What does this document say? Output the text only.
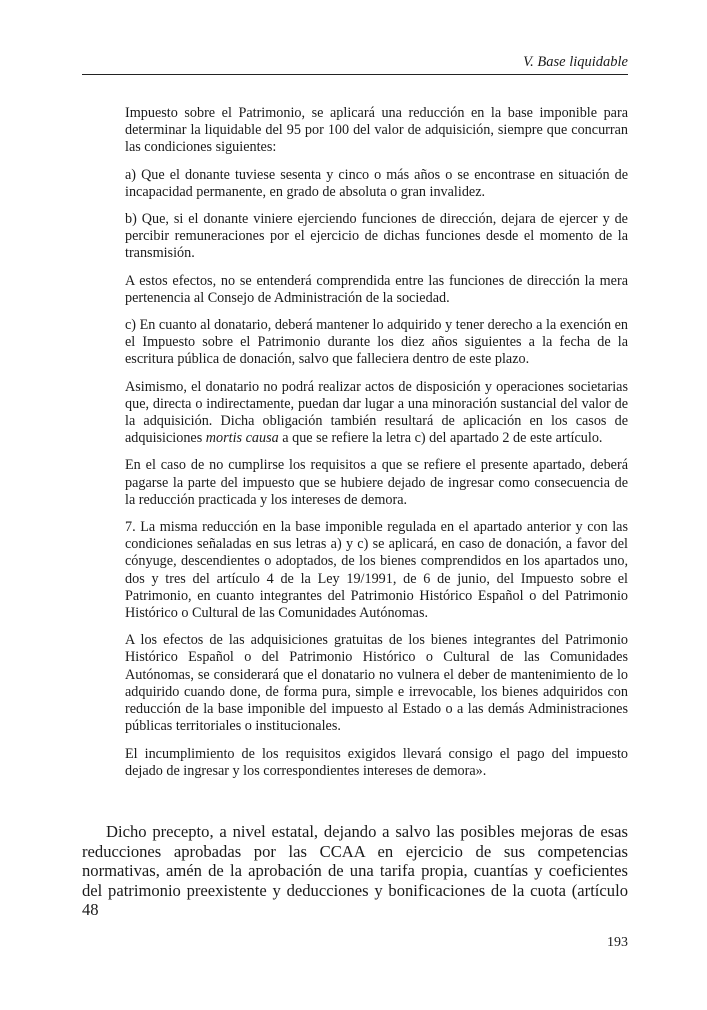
V. Base liquidable

Impuesto sobre el Patrimonio, se aplicará una reducción en la base imponible para determinar la liquidable del 95 por 100 del valor de adquisición, siempre que concurran las condiciones siguientes:

a) Que el donante tuviese sesenta y cinco o más años o se encontrase en situación de incapacidad permanente, en grado de absoluta o gran invalidez.

b) Que, si el donante viniere ejerciendo funciones de dirección, dejara de ejercer y de percibir remuneraciones por el ejercicio de dichas funciones desde el momento de la transmisión.

A estos efectos, no se entenderá comprendida entre las funciones de dirección la mera pertenencia al Consejo de Administración de la sociedad.

c) En cuanto al donatario, deberá mantener lo adquirido y tener derecho a la exención en el Impuesto sobre el Patrimonio durante los diez años siguientes a la fecha de la escritura pública de donación, salvo que falleciera dentro de este plazo.

Asimismo, el donatario no podrá realizar actos de disposición y operaciones societarias que, directa o indirectamente, puedan dar lugar a una minoración sustancial del valor de la adquisición. Dicha obligación también resultará de aplicación en los casos de adquisiciones mortis causa a que se refiere la letra c) del apartado 2 de este artículo.

En el caso de no cumplirse los requisitos a que se refiere el presente apartado, deberá pagarse la parte del impuesto que se hubiere dejado de ingresar como consecuencia de la reducción practicada y los intereses de demora.

7. La misma reducción en la base imponible regulada en el apartado anterior y con las condiciones señaladas en sus letras a) y c) se aplicará, en caso de donación, a favor del cónyuge, descendientes o adoptados, de los bienes comprendidos en los apartados uno, dos y tres del artículo 4 de la Ley 19/1991, de 6 de junio, del Impuesto sobre el Patrimonio, en cuanto integrantes del Patrimonio Histórico Español o del Patrimonio Histórico o Cultural de las Comunidades Autónomas.

A los efectos de las adquisiciones gratuitas de los bienes integrantes del Patrimonio Histórico Español o del Patrimonio Histórico o Cultural de las Comunidades Autónomas, se considerará que el donatario no vulnera el deber de mantenimiento de lo adquirido cuando done, de forma pura, simple e irrevocable, los bienes adquiridos con reducción de la base imponible del impuesto al Estado o a las demás Administraciones públicas territoriales o institucionales.

El incumplimiento de los requisitos exigidos llevará consigo el pago del impuesto dejado de ingresar y los correspondientes intereses de demora».

Dicho precepto, a nivel estatal, dejando a salvo las posibles mejoras de esas reducciones aprobadas por las CCAA en ejercicio de sus competencias normativas, amén de la aprobación de una tarifa propia, cuantías y coeficientes del patrimonio preexistente y deducciones y bonificaciones de la cuota (artículo 48

193
